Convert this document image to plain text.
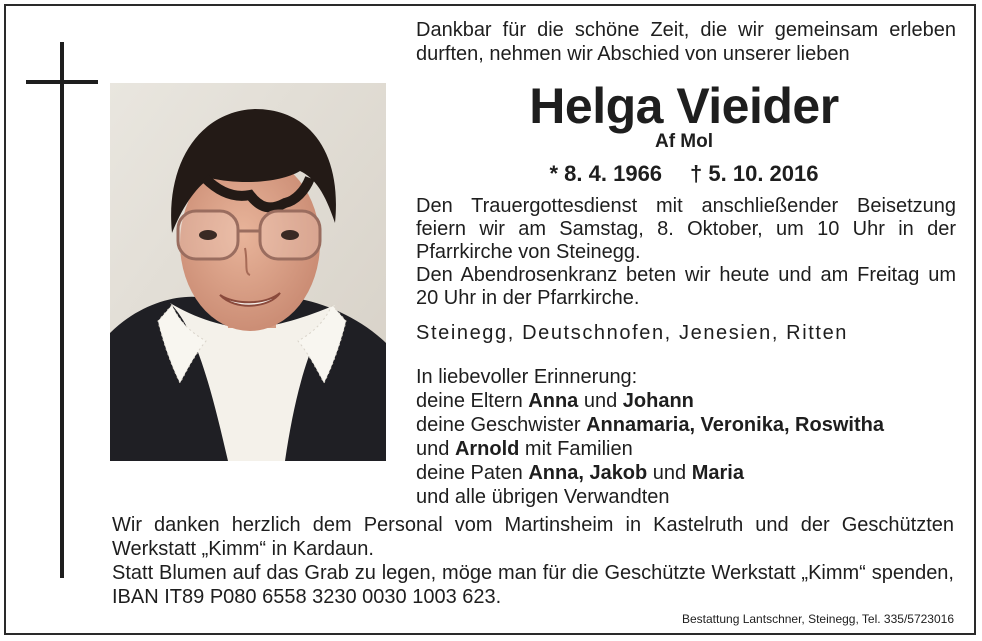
Dankbar für die schöne Zeit, die wir gemeinsam erleben durften, nehmen wir Abschied von unserer lieben
Helga Vieider
Af Mol
* 8. 4. 1966 † 5. 10. 2016

Den Trauergottesdienst mit anschließender Beisetzung feiern wir am Samstag, 8. Oktober, um 10 Uhr in der Pfarrkirche von Steinegg.

Den Abendrosenkranz beten wir heute und am Freitag um 20 Uhr in der Pfarrkirche.

Steinegg, Deutschnofen, Jenesien, Ritten
In liebevoller Erinnerung:
deine Eltern Anna und Johann
deine Geschwister Annamaria, Veronika, Roswitha
und Arnold mit Familien
deine Paten Anna, Jakob und Maria
und alle übrigen Verwandten

Wir danken herzlich dem Personal vom Martinsheim in Kastelruth und der Geschützten Werkstatt „Kimm“ in Kardaun.

Statt Blumen auf das Grab zu legen, möge man für die Geschützte Werkstatt „Kimm“ spenden, IBAN IT89 P080 6558 3230 0030 1003 623.

Bestattung Lantschner, Steinegg, Tel. 335/5723016
